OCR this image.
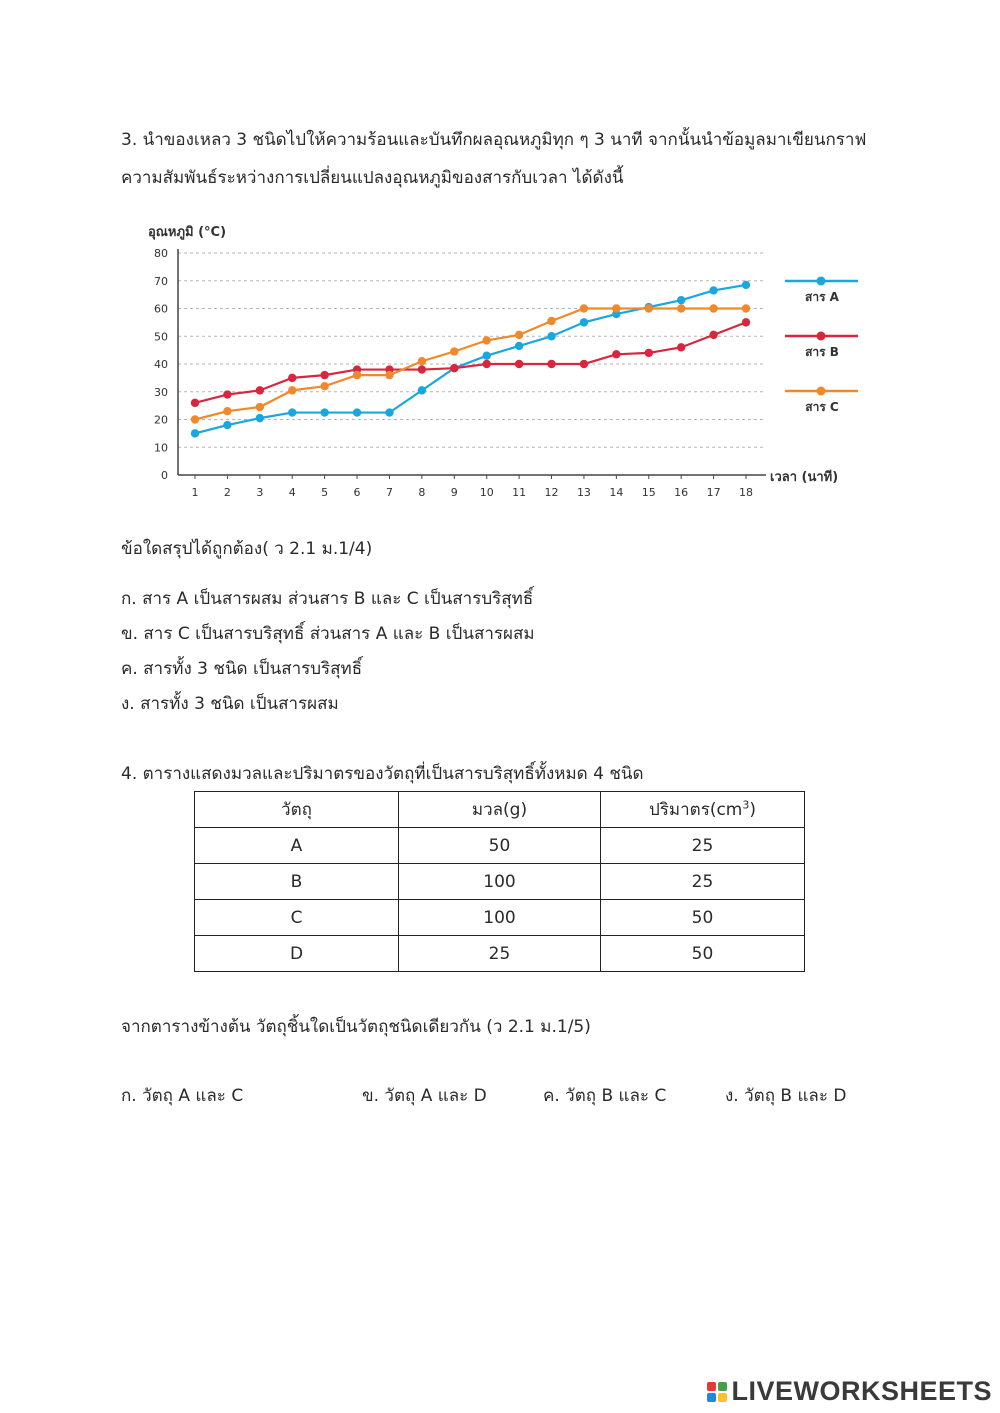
3. นำของเหลว 3 ชนิดไปให้ความร้อนและบันทึกผลอุณหภูมิทุก ๆ 3 นาที จากนั้นนำข้อมูลมาเขียนกราฟ
ความสัมพันธ์ระหว่างการเปลี่ยนแปลงอุณหภูมิของสารกับเวลา ได้ดังนี้
0
10
20
30
40
50
60
70
80
1 2 3 4 5 6 7 8 9 10 11 12 13 14 15 16 17 18
อุณหภูมิ (°C)
เวลา (นาที)
สาร A
สาร B
สาร C
ข้อใดสรุปได้ถูกต้อง( ว 2.1 ม.1/4)
ก. สาร A เป็นสารผสม ส่วนสาร B และ C เป็นสารบริสุทธิ์
ข. สาร C เป็นสารบริสุทธิ์ ส่วนสาร A และ B เป็นสารผสม
ค. สารทั้ง 3 ชนิด เป็นสารบริสุทธิ์
ง. สารทั้ง 3 ชนิด เป็นสารผสม
4. ตารางแสดงมวลและปริมาตรของวัตถุที่เป็นสารบริสุทธิ์ทั้งหมด 4 ชนิด
วัตถุ	มวล(g)	ปริมาตร$(cm^3)$
A	50	25
B	100	25
C	100	50
D	25	50
จากตารางข้างต้น วัตถุชิ้นใดเป็นวัตถุชนิดเดียวกัน (ว 2.1 ม.1/5)
ก. วัตถุ A และ C	ข. วัตถุ A และ D	ค. วัตถุ B และ C	ง. วัตถุ B และ D
LIVEWORKSHEETS
